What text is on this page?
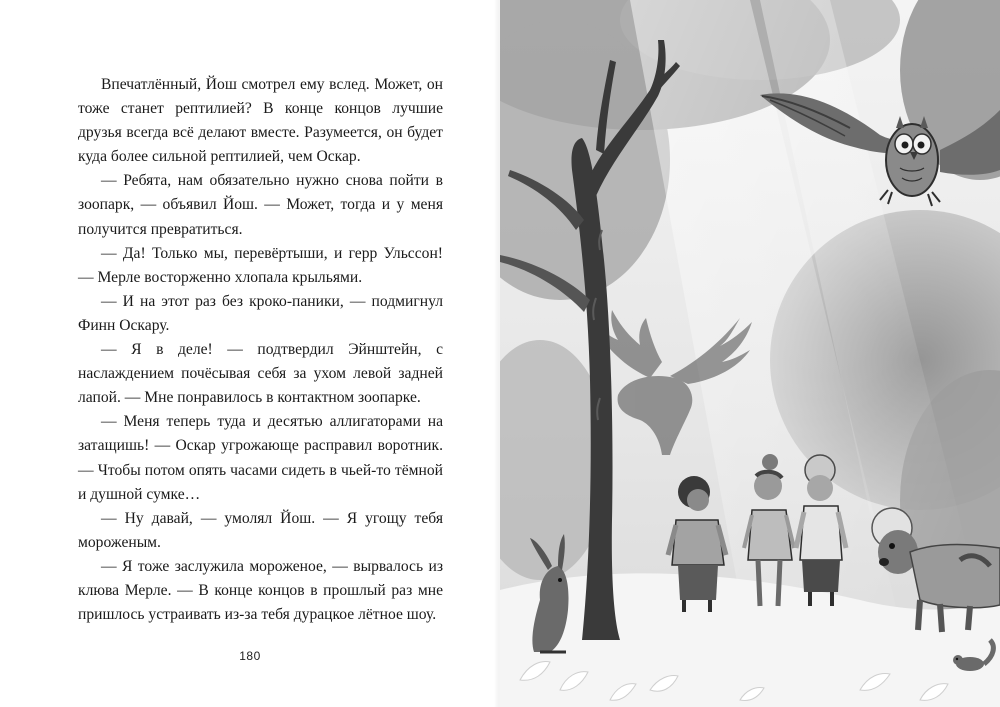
Впечатлённый, Йош смотрел ему вслед. Может, он тоже станет рептилией? В конце концов лучшие друзья всегда всё делают вместе. Разумеется, он будет куда более сильной рептилией, чем Оскар.

— Ребята, нам обязательно нужно снова пойти в зоопарк, — объявил Йош. — Может, тогда и у меня получится превратиться.

— Да! Только мы, перевёртыши, и герр Ульссон! — Мерле восторженно хлопала крыльями.

— И на этот раз без кроко-паники, — подмигнул Финн Оскару.

— Я в деле! — подтвердил Эйнштейн, с наслаждением почёсывая себя за ухом левой задней лапой. — Мне понравилось в контактном зоопарке.

— Меня теперь туда и десятью аллигаторами на затащишь! — Оскар угрожающе расправил воротник. — Чтобы потом опять часами сидеть в чьей-то тёмной и душной сумке…

— Ну давай, — умолял Йош. — Я угощу тебя мороженым.

— Я тоже заслужила мороженое, — вырвалось из клюва Мерле. — В конце концов в прошлый раз мне пришлось устраивать из-за тебя дурацкое лётное шоу.

180
